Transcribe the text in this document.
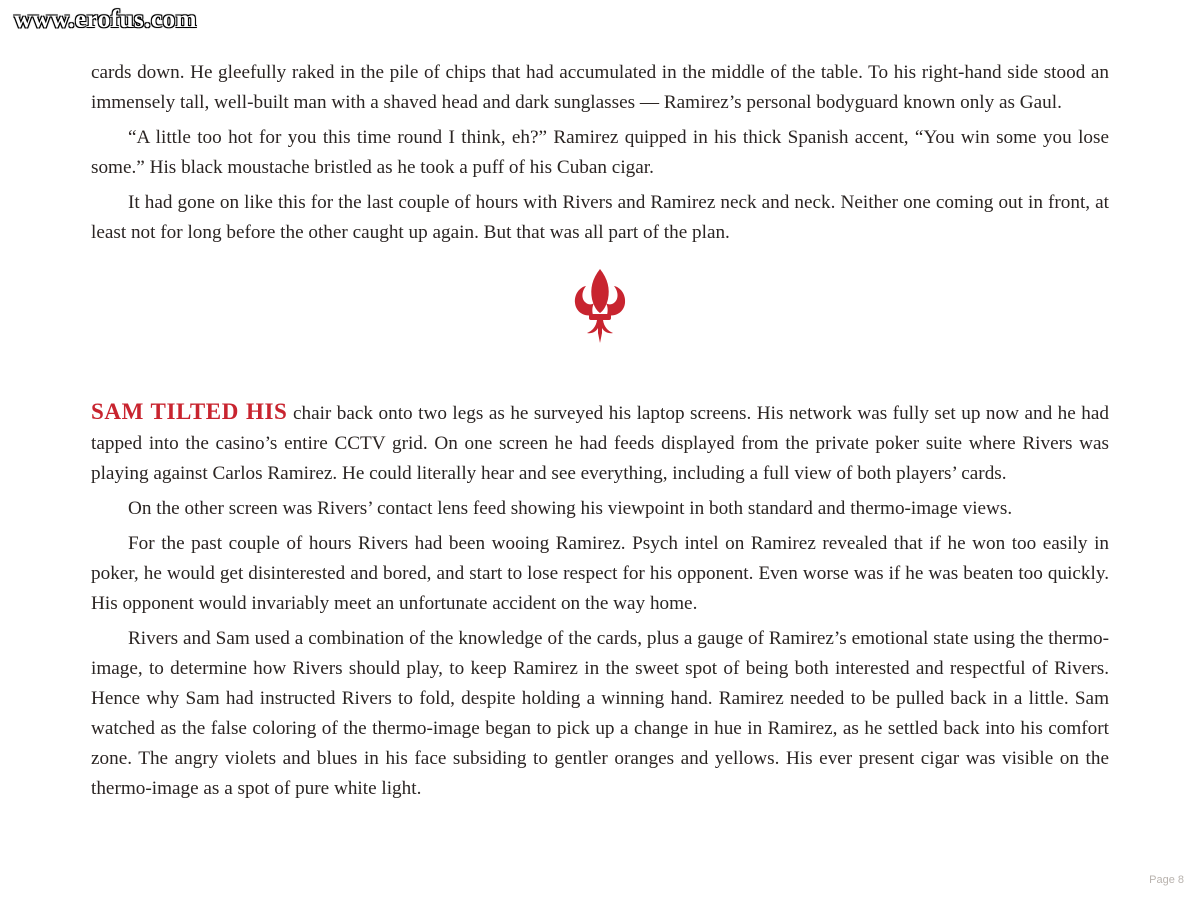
www.erofus.com

cards down. He gleefully raked in the pile of chips that had accumulated in the middle of the table. To his right-hand side stood an immensely tall, well-built man with a shaved head and dark sunglasses — Ramirez’s personal bodyguard known only as Gaul.

“A little too hot for you this time round I think, eh?” Ramirez quipped in his thick Spanish accent, “You win some you lose some.” His black moustache bristled as he took a puff of his Cuban cigar.

It had gone on like this for the last couple of hours with Rivers and Ramirez neck and neck. Neither one coming out in front, at least not for long before the other caught up again. But that was all part of the plan.

SAM TILTED HIS chair back onto two legs as he surveyed his laptop screens. His network was fully set up now and he had tapped into the casino’s entire CCTV grid. On one screen he had feeds displayed from the private poker suite where Rivers was playing against Carlos Ramirez. He could literally hear and see everything, including a full view of both players’ cards.

On the other screen was Rivers’ contact lens feed showing his viewpoint in both standard and thermo-image views.

For the past couple of hours Rivers had been wooing Ramirez. Psych intel on Ramirez revealed that if he won too easily in poker, he would get disinterested and bored, and start to lose respect for his opponent. Even worse was if he was beaten too quickly. His opponent would invariably meet an unfortunate accident on the way home.

Rivers and Sam used a combination of the knowledge of the cards, plus a gauge of Ramirez’s emotional state using the thermo-image, to determine how Rivers should play, to keep Ramirez in the sweet spot of being both interested and respectful of Rivers. Hence why Sam had instructed Rivers to fold, despite holding a winning hand. Ramirez needed to be pulled back in a little. Sam watched as the false coloring of the thermo-image began to pick up a change in hue in Ramirez, as he settled back into his comfort zone. The angry violets and blues in his face subsiding to gentler oranges and yellows. His ever present cigar was visible on the thermo-image as a spot of pure white light.

Page 8
